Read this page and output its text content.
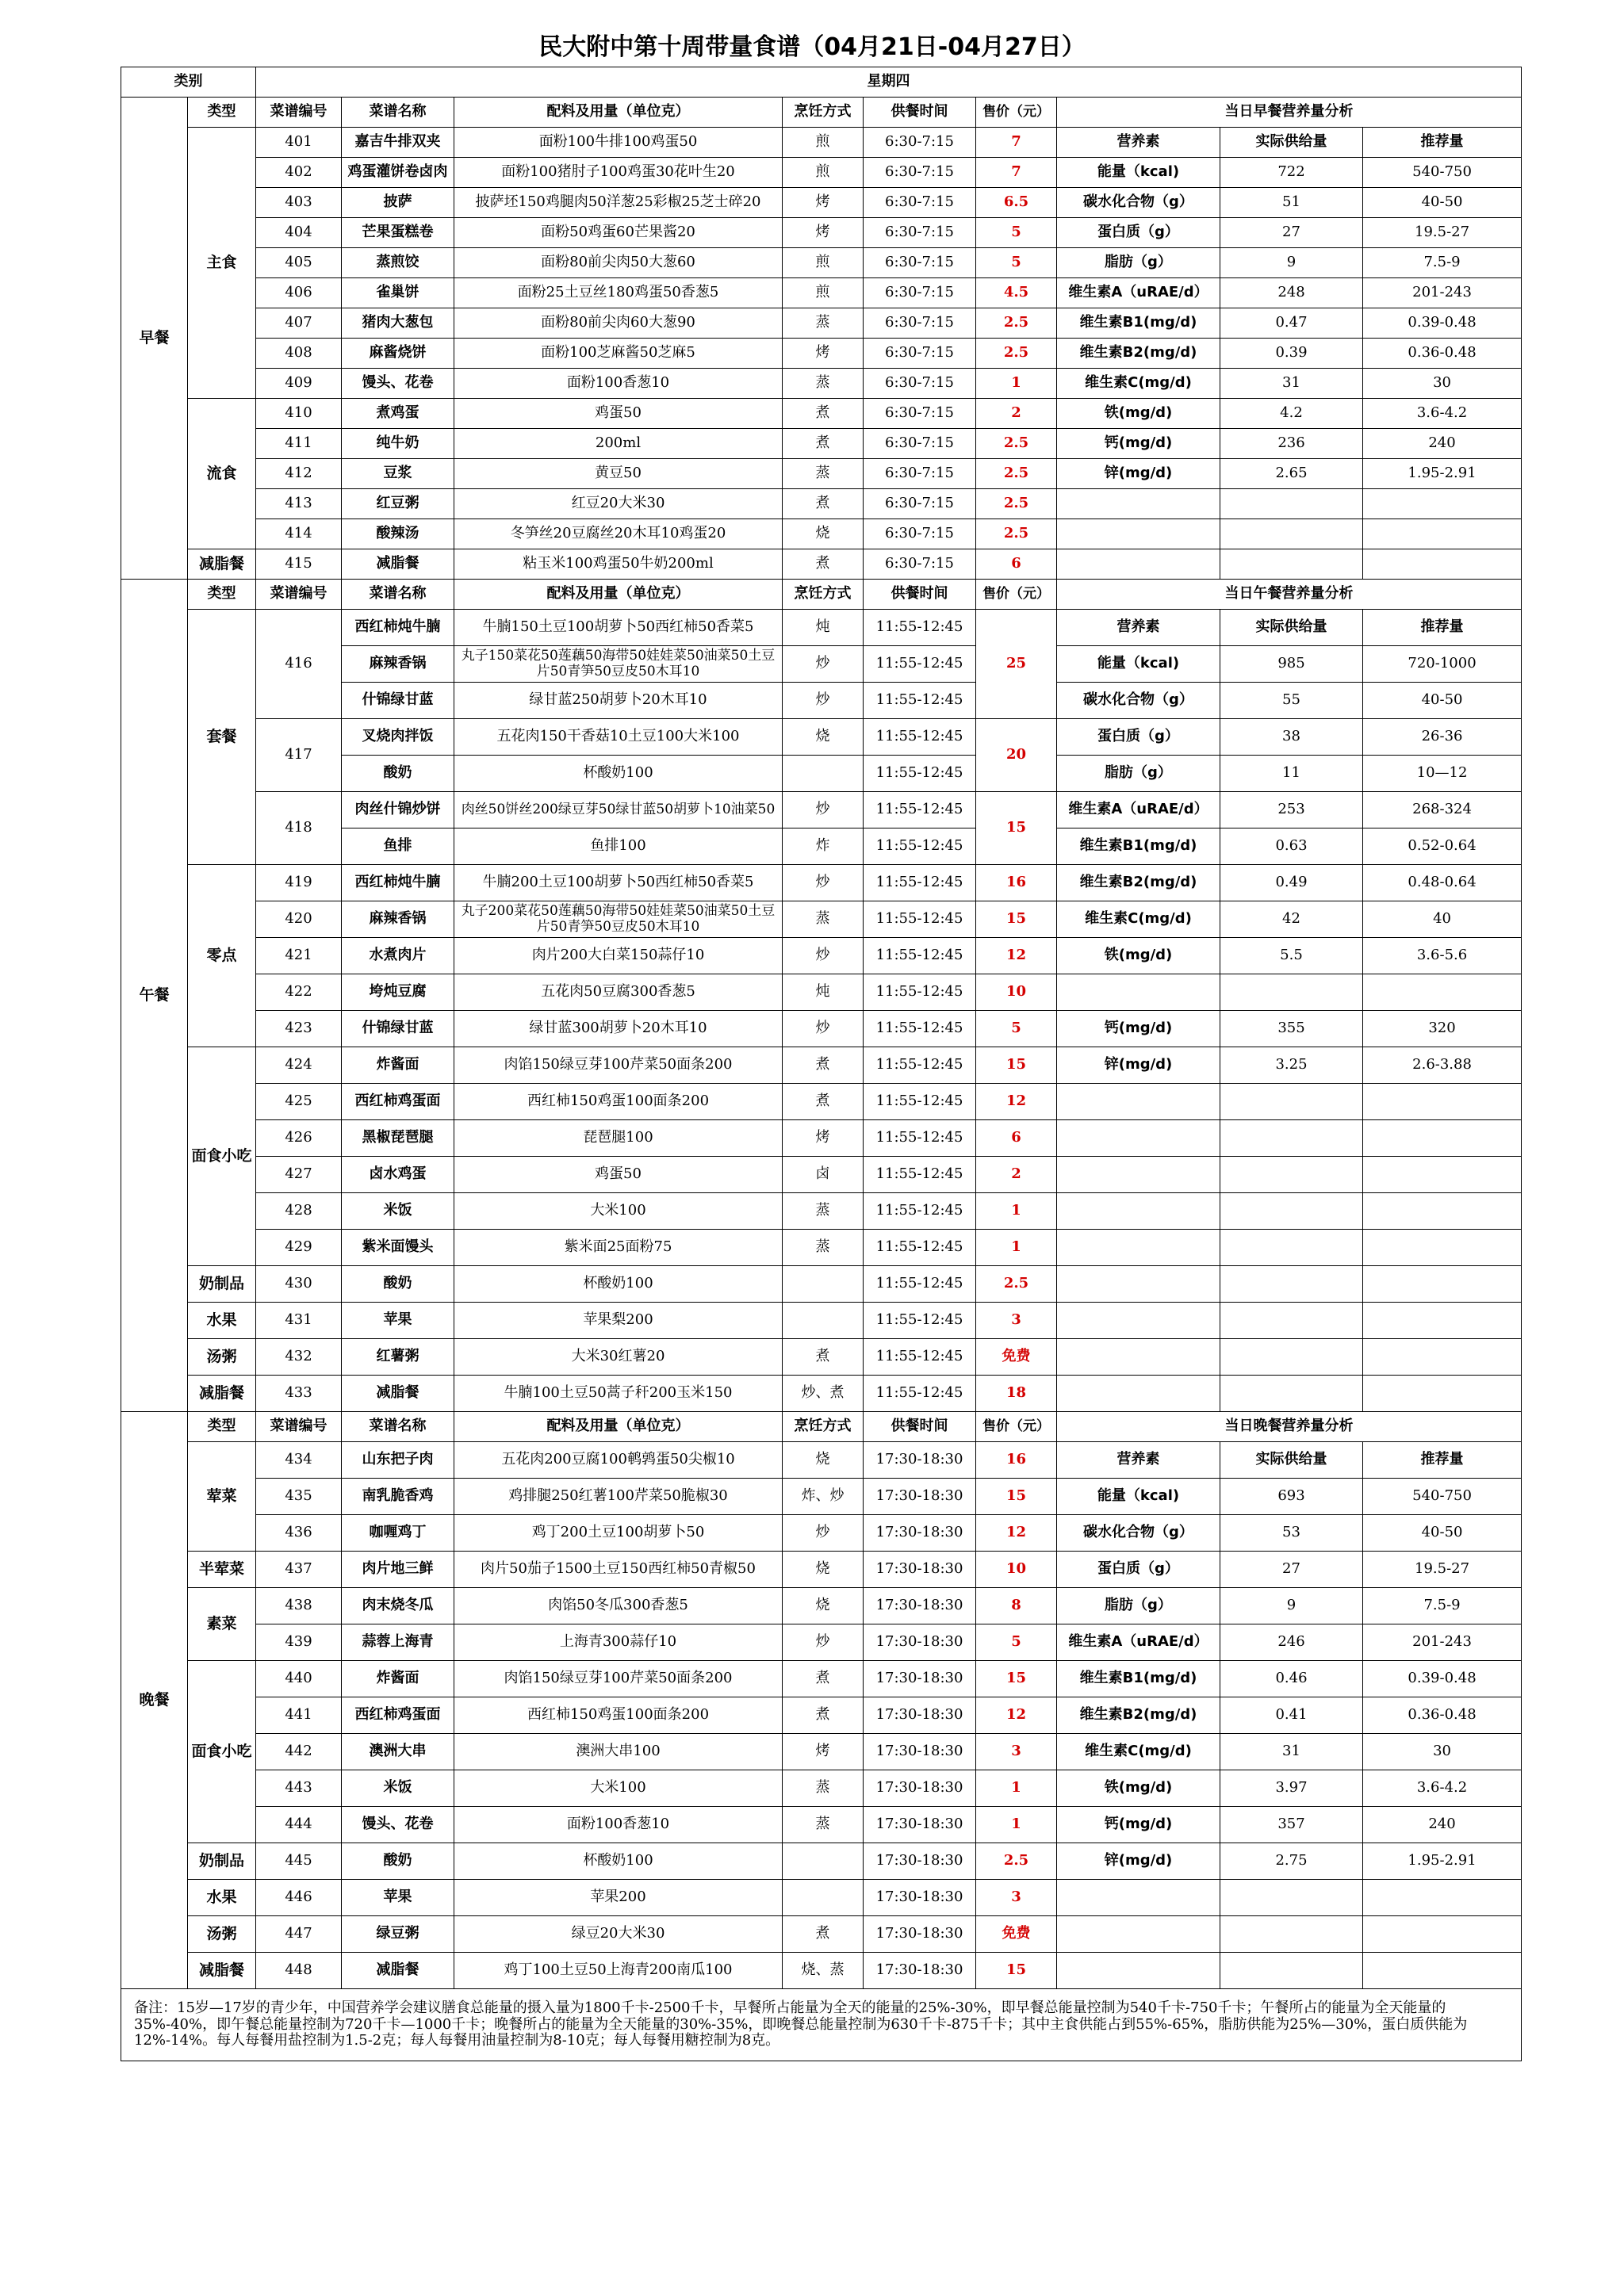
民大附中第十周带量食谱（04月21日-04月27日）
类别		星期四								
早餐	类型	菜谱编号	菜谱名称	配料及用量（单位克）	烹饪方式	供餐时间	售价（元）	当日早餐营养量分析		
	主食	401	嘉吉牛排双夹	面粉100牛排100鸡蛋50	煎	6:30-7:15	7	营养素	实际供给量	推荐量
		402	鸡蛋灌饼卷卤肉	面粉100猪肘子100鸡蛋30花叶生20	煎	6:30-7:15	7	能量（kcal)	722	540-750
		403	披萨	披萨坯150鸡腿肉50洋葱25彩椒25芝士碎20	烤	6:30-7:15	6.5	碳水化合物（g）	51	40-50
		404	芒果蛋糕卷	面粉50鸡蛋60芒果酱20	烤	6:30-7:15	5	蛋白质（g）	27	19.5-27
		405	蒸煎饺	面粉80前尖肉50大葱60	煎	6:30-7:15	5	脂肪（g）	9	7.5-9
		406	雀巢饼	面粉25土豆丝180鸡蛋50香葱5	煎	6:30-7:15	4.5	维生素A（uRAE/d）	248	201-243
		407	猪肉大葱包	面粉80前尖肉60大葱90	蒸	6:30-7:15	2.5	维生素B1(mg/d)	0.47	0.39-0.48
		408	麻酱烧饼	面粉100芝麻酱50芝麻5	烤	6:30-7:15	2.5	维生素B2(mg/d)	0.39	0.36-0.48
		409	馒头、花卷	面粉100香葱10	蒸	6:30-7:15	1	维生素C(mg/d)	31	30
	流食	410	煮鸡蛋	鸡蛋50	煮	6:30-7:15	2	铁(mg/d)	4.2	3.6-4.2
		411	纯牛奶	200ml	煮	6:30-7:15	2.5	钙(mg/d)	236	240
		412	豆浆	黄豆50	蒸	6:30-7:15	2.5	锌(mg/d)	2.65	1.95-2.91
		413	红豆粥	红豆20大米30	煮	6:30-7:15	2.5			
		414	酸辣汤	冬笋丝20豆腐丝20木耳10鸡蛋20	烧	6:30-7:15	2.5			
	减脂餐	415	减脂餐	粘玉米100鸡蛋50牛奶200ml	煮	6:30-7:15	6			
午餐	类型	菜谱编号	菜谱名称	配料及用量（单位克）	烹饪方式	供餐时间	售价（元）	当日午餐营养量分析		
	套餐	416	西红柿炖牛腩	牛腩150土豆100胡萝卜50西红柿50香菜5	炖	11:55-12:45	25	营养素	实际供给量	推荐量
			麻辣香锅	丸子150菜花50莲藕50海带50娃娃菜50油菜50土豆片50青笋50豆皮50木耳10	炒	11:55-12:45		能量（kcal)	985	720-1000
			什锦绿甘蓝	绿甘蓝250胡萝卜20木耳10	炒	11:55-12:45		碳水化合物（g）	55	40-50
		417	叉烧肉拌饭	五花肉150干香菇10土豆100大米100	烧	11:55-12:45	20	蛋白质（g）	38	26-36
			酸奶	杯酸奶100		11:55-12:45		脂肪（g）	11	10—12
		418	肉丝什锦炒饼	肉丝50饼丝200绿豆芽50绿甘蓝50胡萝卜10油菜50	炒	11:55-12:45	15	维生素A（uRAE/d）	253	268-324
			鱼排	鱼排100	炸	11:55-12:45		维生素B1(mg/d)	0.63	0.52-0.64
	零点	419	西红柿炖牛腩	牛腩200土豆100胡萝卜50西红柿50香菜5	炒	11:55-12:45	16	维生素B2(mg/d)	0.49	0.48-0.64
		420	麻辣香锅	丸子200菜花50莲藕50海带50娃娃菜50油菜50土豆片50青笋50豆皮50木耳10	蒸	11:55-12:45	15	维生素C(mg/d)	42	40
		421	水煮肉片	肉片200大白菜150蒜仔10	炒	11:55-12:45	12	铁(mg/d)	5.5	3.6-5.6
		422	垮炖豆腐	五花肉50豆腐300香葱5	炖	11:55-12:45	10			
		423	什锦绿甘蓝	绿甘蓝300胡萝卜20木耳10	炒	11:55-12:45	5	钙(mg/d)	355	320
	面食小吃	424	炸酱面	肉馅150绿豆芽100芹菜50面条200	煮	11:55-12:45	15	锌(mg/d)	3.25	2.6-3.88
		425	西红柿鸡蛋面	西红柿150鸡蛋100面条200	煮	11:55-12:45	12			
		426	黑椒琵琶腿	琵琶腿100	烤	11:55-12:45	6			
		427	卤水鸡蛋	鸡蛋50	卤	11:55-12:45	2			
		428	米饭	大米100	蒸	11:55-12:45	1			
		429	紫米面馒头	紫米面25面粉75	蒸	11:55-12:45	1			
	奶制品	430	酸奶	杯酸奶100		11:55-12:45	2.5			
	水果	431	苹果	苹果梨200		11:55-12:45	3			
	汤粥	432	红薯粥	大米30红薯20	煮	11:55-12:45	免费			
	减脂餐	433	减脂餐	牛腩100土豆50蒿子秆200玉米150	炒、煮	11:55-12:45	18			
晚餐	类型	菜谱编号	菜谱名称	配料及用量（单位克）	烹饪方式	供餐时间	售价（元）	当日晚餐营养量分析		
	荤菜	434	山东把子肉	五花肉200豆腐100鹌鹑蛋50尖椒10	烧	17:30-18:30	16	营养素	实际供给量	推荐量
		435	南乳脆香鸡	鸡排腿250红薯100芹菜50脆椒30	炸、炒	17:30-18:30	15	能量（kcal)	693	540-750
		436	咖喱鸡丁	鸡丁200土豆100胡萝卜50	炒	17:30-18:30	12	碳水化合物（g）	53	40-50
	半荤菜	437	肉片地三鲜	肉片50茄子1500土豆150西红柿50青椒50	烧	17:30-18:30	10	蛋白质（g）	27	19.5-27
	素菜	438	肉末烧冬瓜	肉馅50冬瓜300香葱5	烧	17:30-18:30	8	脂肪（g）	9	7.5-9
		439	蒜蓉上海青	上海青300蒜仔10	炒	17:30-18:30	5	维生素A（uRAE/d）	246	201-243
	面食小吃	440	炸酱面	肉馅150绿豆芽100芹菜50面条200	煮	17:30-18:30	15	维生素B1(mg/d)	0.46	0.39-0.48
		441	西红柿鸡蛋面	西红柿150鸡蛋100面条200	煮	17:30-18:30	12	维生素B2(mg/d)	0.41	0.36-0.48
		442	澳洲大串	澳洲大串100	烤	17:30-18:30	3	维生素C(mg/d)	31	30
		443	米饭	大米100	蒸	17:30-18:30	1	铁(mg/d)	3.97	3.6-4.2
		444	馒头、花卷	面粉100香葱10	蒸	17:30-18:30	1	钙(mg/d)	357	240
	奶制品	445	酸奶	杯酸奶100		17:30-18:30	2.5	锌(mg/d)	2.75	1.95-2.91
	水果	446	苹果	苹果200		17:30-18:30	3			
	汤粥	447	绿豆粥	绿豆20大米30	煮	17:30-18:30	免费			
	减脂餐	448	减脂餐	鸡丁100土豆50上海青200南瓜100	烧、蒸	17:30-18:30	15			
备注：15岁—17岁的青少年，中国营养学会建议膳食总能量的摄入量为1800千卡-2500千卡，早餐所占能量为全天的能量的25%-30%，即早餐总能量控制为540千卡-750千卡；午餐所占的能量为全天能量的35%-40%，即午餐总能量控制为720千卡—1000千卡；晚餐所占的能量为全天能量的30%-35%，即晚餐总能量控制为630千卡-875千卡；其中主食供能占到55%-65%，脂肪供能为25%—30%，蛋白质供能为12%-14%。每人每餐用盐控制为1.5-2克；每人每餐用油量控制为8-10克；每人每餐用糖控制为8克。										
